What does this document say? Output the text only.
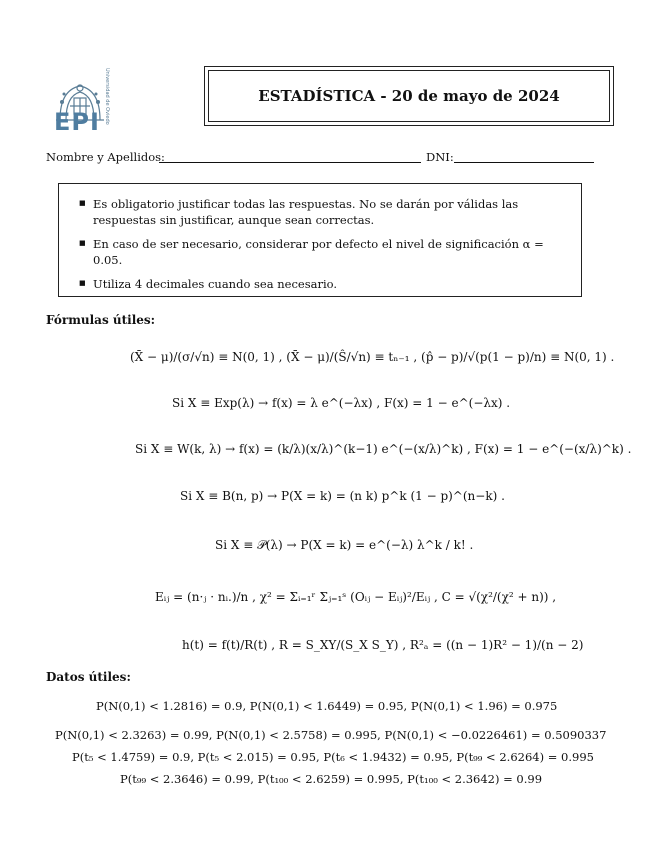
Universidad de Oviedo
EPI
ESTADÍSTICA - 20 de mayo de 2024
Nombre y Apellidos:	DNI:
■ Es obligatorio justificar todas las respuestas. No se darán por válidas las respuestas sin justificar, aunque sean correctas.
■ En caso de ser necesario, considerar por defecto el nivel de significación α = 0.05.
■ Utiliza 4 decimales cuando sea necesario.
Fórmulas útiles:
(X̄ − μ)/(σ/√n) ≡ N(0, 1) , (X̄ − μ)/(Ŝ/√n) ≡ tₙ₋₁ , (p̂ − p)/√(p(1 − p)/n) ≡ N(0, 1) .
Si X ≡ Exp(λ) → f(x) = λ e^(−λx) , F(x) = 1 − e^(−λx) .
Si X ≡ W(k, λ) → f(x) = (k/λ)(x/λ)^(k−1) e^(−(x/λ)^k) , F(x) = 1 − e^(−(x/λ)^k) .
Si X ≡ B(n, p) → P(X = k) = (n k) p^k (1 − p)^(n−k) .
Si X ≡ 𝒫(λ) → P(X = k) = e^(−λ) λ^k / k! .
Eᵢⱼ = (n·ⱼ · nᵢ.)/n , χ² = Σᵢ₌₁ʳ Σⱼ₌₁ˢ (Oᵢⱼ − Eᵢⱼ)²/Eᵢⱼ , C = √(χ²/(χ² + n)) ,
h(t) = f(t)/R(t) , R = S_XY/(S_X S_Y) , R²ₐ = ((n − 1)R² − 1)/(n − 2)
Datos útiles:
P(N(0,1) < 1.2816) = 0.9, P(N(0,1) < 1.6449) = 0.95, P(N(0,1) < 1.96) = 0.975
P(N(0,1) < 2.3263) = 0.99, P(N(0,1) < 2.5758) = 0.995, P(N(0,1) < −0.0226461) = 0.5090337
P(t₅ < 1.4759) = 0.9, P(t₅ < 2.015) = 0.95, P(t₆ < 1.9432) = 0.95, P(t₉₉ < 2.6264) = 0.995
P(t₉₉ < 2.3646) = 0.99, P(t₁₀₀ < 2.6259) = 0.995, P(t₁₀₀ < 2.3642) = 0.99
